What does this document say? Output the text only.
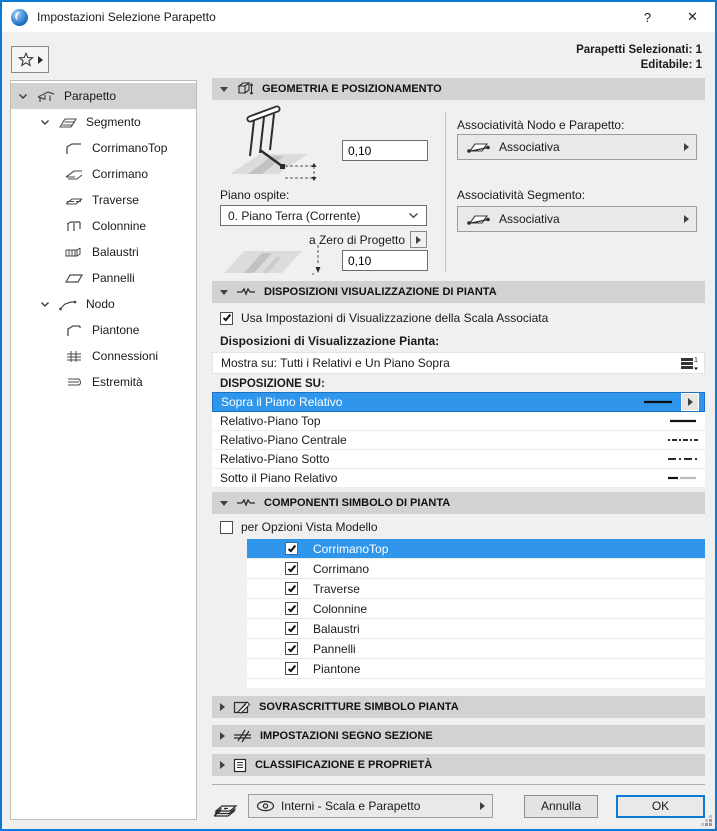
Impostazioni Selezione Parapetto	?	✕
Parapetti Selezionati: 1
Editabile: 1
Parapetto
Segmento
CorrimanoTop
Corrimano
Traverse
Colonnine
Balaustri
Pannelli
Nodo
Piantone
Connessioni
Estremità
GEOMETRIA E POSIZIONAMENTO
0,10
Associatività Nodo e Parapetto:
Associativa
Piano ospite:
0. Piano Terra (Corrente)
a Zero di Progetto
0,10
Associatività Segmento:
Associativa
DISPOSIZIONI VISUALIZZAZIONE DI PIANTA
Usa Impostazioni di Visualizzazione della Scala Associata
Disposizioni di Visualizzazione Pianta:
Mostra su: Tutti i Relativi e Un Piano Sopra	1
DISPOSIZIONE SU:
Sopra il Piano Relativo
Relativo-Piano Top
Relativo-Piano Centrale
Relativo-Piano Sotto
Sotto il Piano Relativo
COMPONENTI SIMBOLO DI PIANTA
per Opzioni Vista Modello
CorrimanoTop
Corrimano
Traverse
Colonnine
Balaustri
Pannelli
Piantone
SOVRASCRITTURE SIMBOLO PIANTA
IMPOSTAZIONI SEGNO SEZIONE
CLASSIFICAZIONE E PROPRIETÀ
Interni - Scala e Parapetto	Annulla	OK
